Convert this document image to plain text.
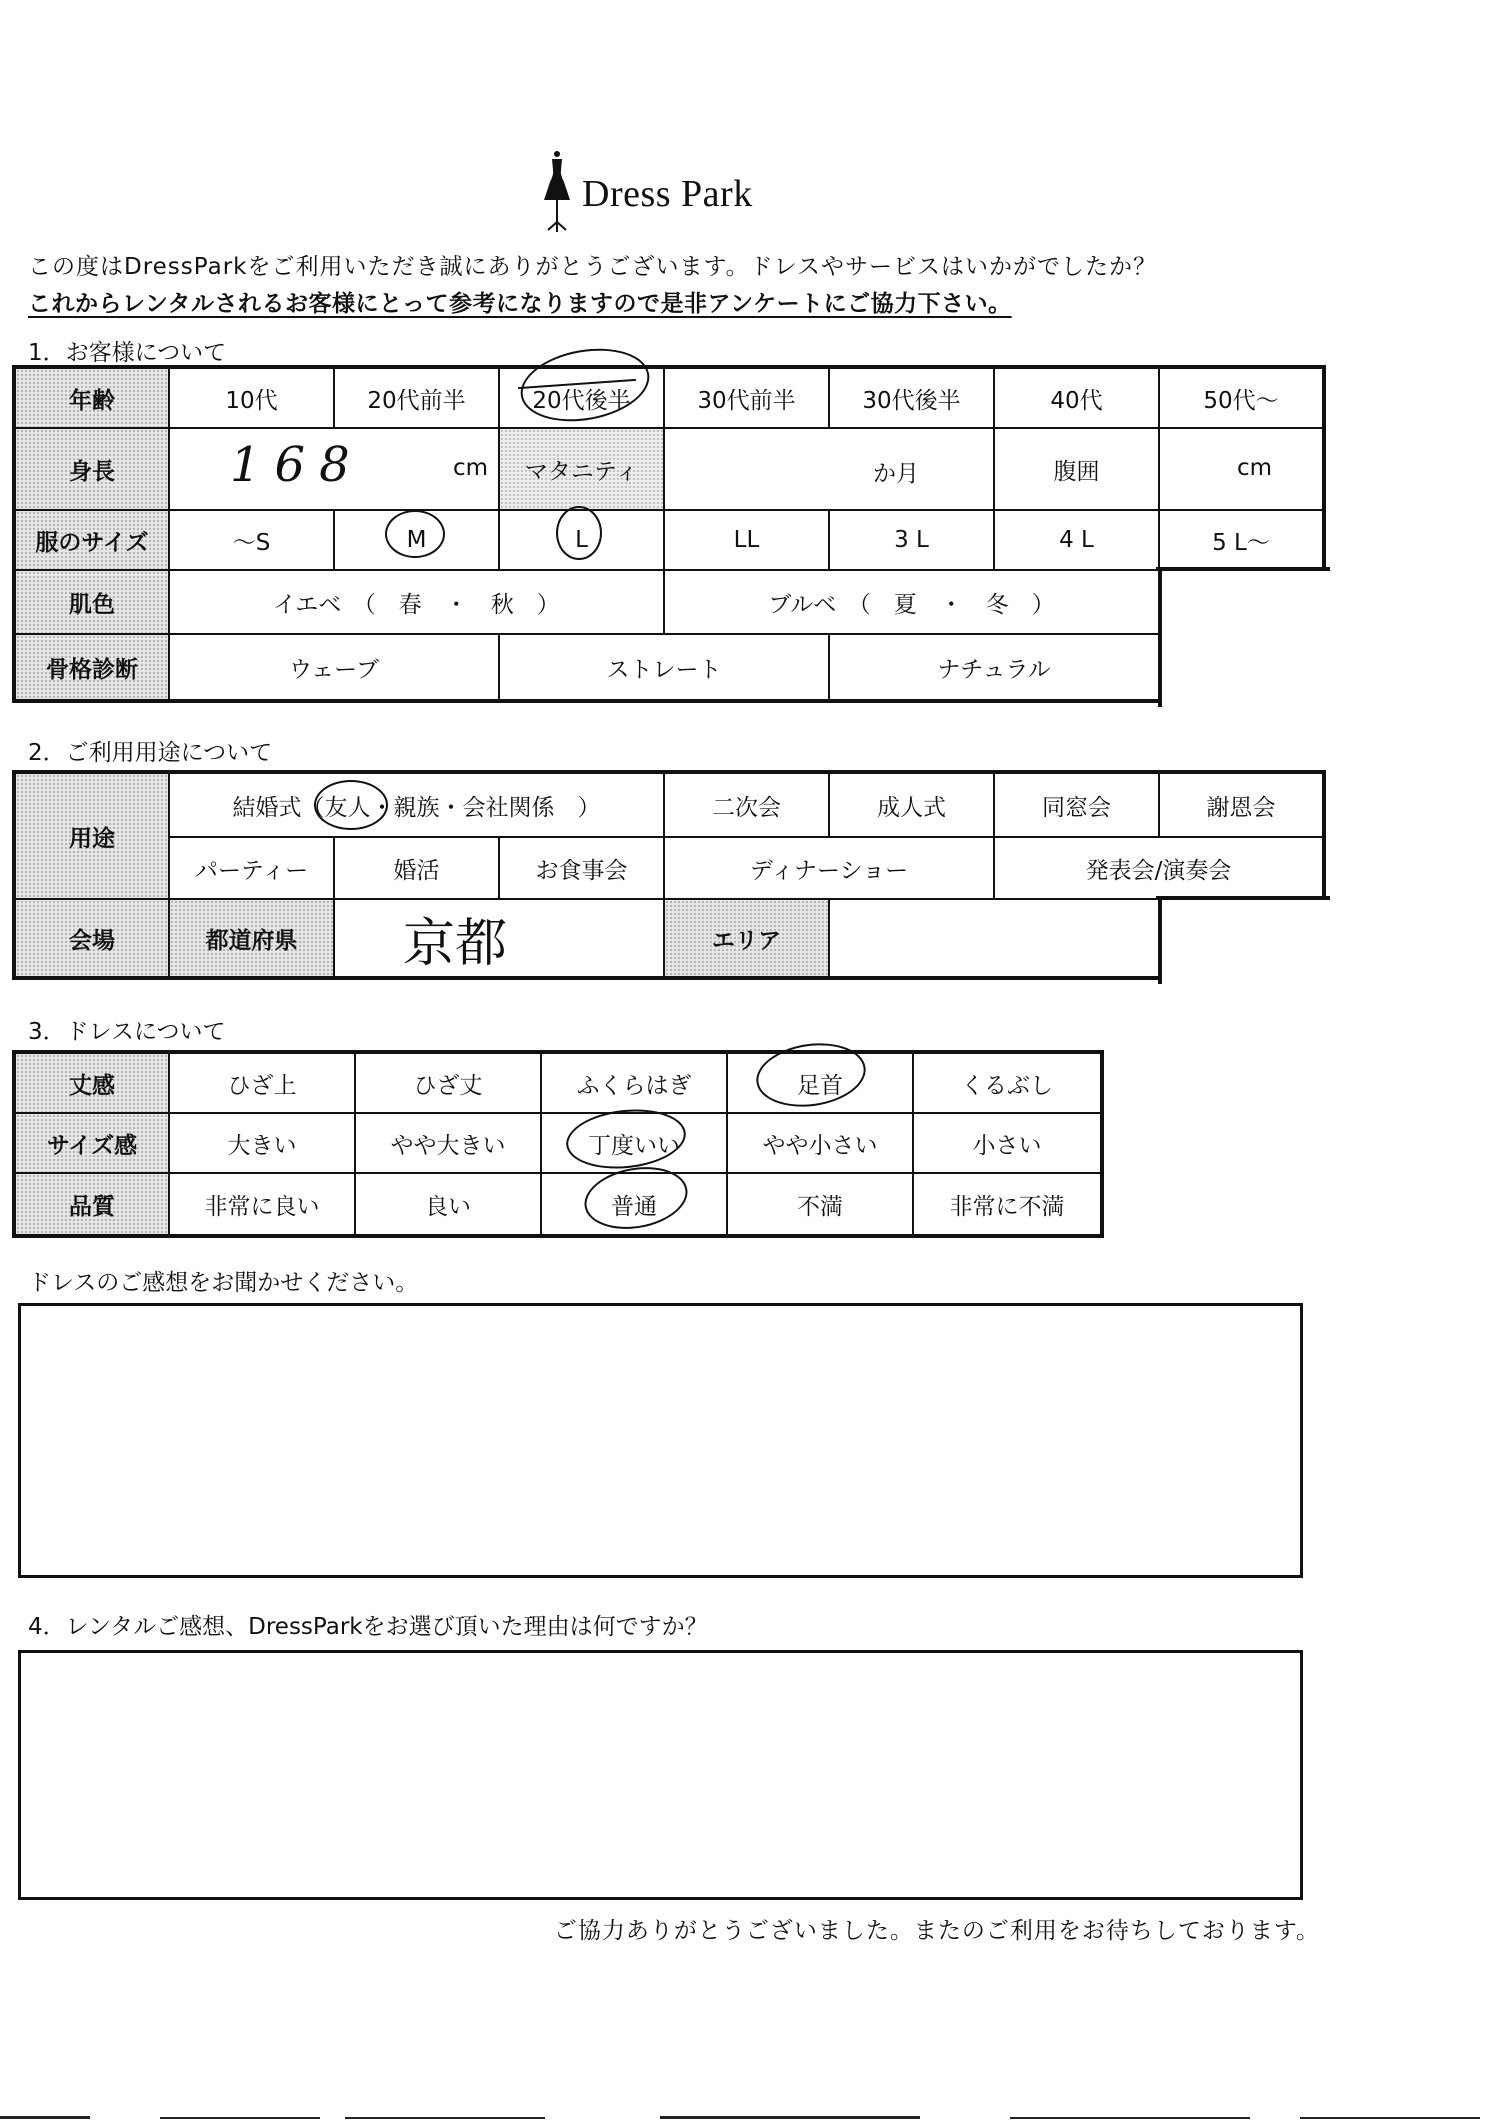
Dress Park
この度はDressParkをご利用いただき誠にありがとうございます。ドレスやサービスはいかがでしたか？
これからレンタルされるお客様にとって参考になりますので是非アンケートにご協力下さい。
1．お客様について
年齢	10代	20代前半	20代後半	30代前半	30代後半	40代	50代～
身長	168	cm	マタニティ	か月	腹囲	cm
服のサイズ	～S	M	L	LL	3 L	4 L	5 L～
肌色	イエベ　（　春　・　秋　）	ブルベ　（　夏　・　冬　）
骨格診断	ウェーブ	ストレート	ナチュラル
2．ご利用用途について
用途
結婚式（ 友人 ・親族・会社関係　）	二次会	成人式	同窓会	謝恩会
パーティー	婚活	お食事会	ディナーショー	発表会/演奏会
会場	都道府県	京都	エリア
3．ドレスについて
丈感	ひざ上	ひざ丈	ふくらはぎ	足首	くるぶし
サイズ感	大きい	やや大きい	丁度いい	やや小さい	小さい
品質	非常に良い	良い	普通	不満	非常に不満
ドレスのご感想をお聞かせください。
4．レンタルご感想、DressParkをお選び頂いた理由は何ですか？
ご協力ありがとうございました。またのご利用をお待ちしております。
